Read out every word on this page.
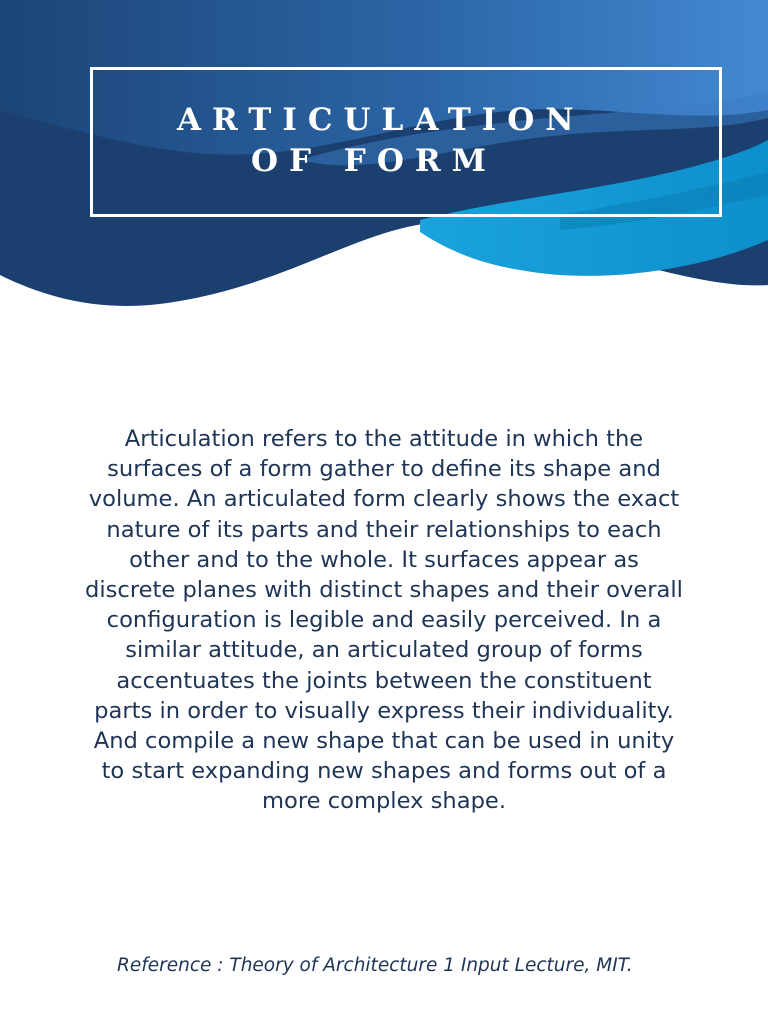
ARTICULATION
OF FORM

Articulation refers to the attitude in which the surfaces of a form gather to define its shape and volume. An articulated form clearly shows the exact nature of its parts and their relationships to each other and to the whole. It surfaces appear as discrete planes with distinct shapes and their overall configuration is legible and easily perceived. In a similar attitude, an articulated group of forms accentuates the joints between the constituent parts in order to visually express their individuality. And compile a new shape that can be used in unity to start expanding new shapes and forms out of a more complex shape.

Reference : Theory of Architecture 1 Input Lecture, MIT.
